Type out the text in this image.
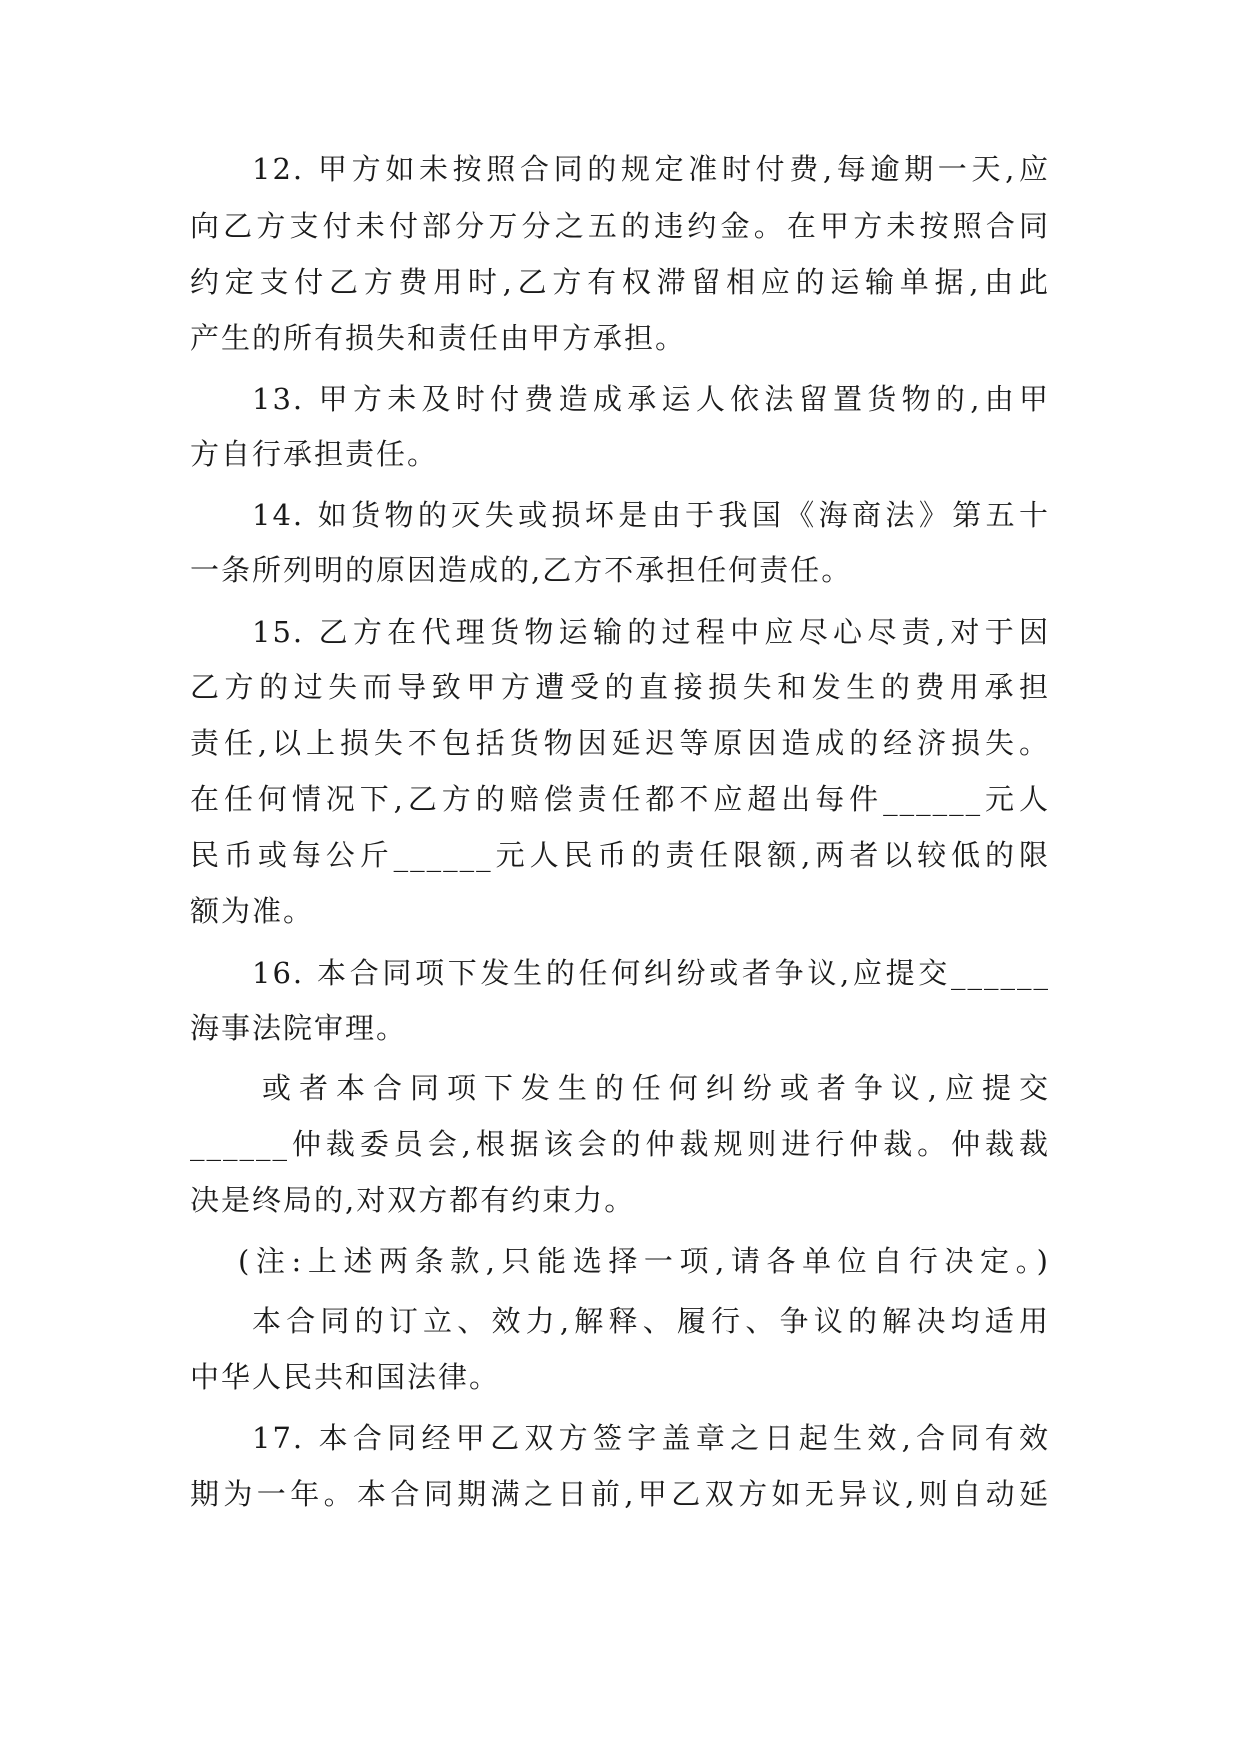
12. 甲方如未按照合同的规定准时付费,每逾期一天,应
向乙方支付未付部分万分之五的违约金。在甲方未按照合同
约定支付乙方费用时,乙方有权滞留相应的运输单据,由此
产生的所有损失和责任由甲方承担。
13. 甲方未及时付费造成承运人依法留置货物的,由甲
方自行承担责任。
14. 如货物的灭失或损坏是由于我国《海商法》第五十
一条所列明的原因造成的,乙方不承担任何责任。
15. 乙方在代理货物运输的过程中应尽心尽责,对于因
乙方的过失而导致甲方遭受的直接损失和发生的费用承担
责任,以上损失不包括货物因延迟等原因造成的经济损失。
在任何情况下,乙方的赔偿责任都不应超出每件______元人
民币或每公斤______元人民币的责任限额,两者以较低的限
额为准。
16. 本合同项下发生的任何纠纷或者争议,应提交______
海事法院审理。
或者本合同项下发生的任何纠纷或者争议,应提交
______仲裁委员会,根据该会的仲裁规则进行仲裁。仲裁裁
决是终局的,对双方都有约束力。
(注:上述两条款,只能选择一项,请各单位自行决定。)
本合同的订立、效力,解释、履行、争议的解决均适用
中华人民共和国法律。
17. 本合同经甲乙双方签字盖章之日起生效,合同有效
期为一年。本合同期满之日前,甲乙双方如无异议,则自动延
